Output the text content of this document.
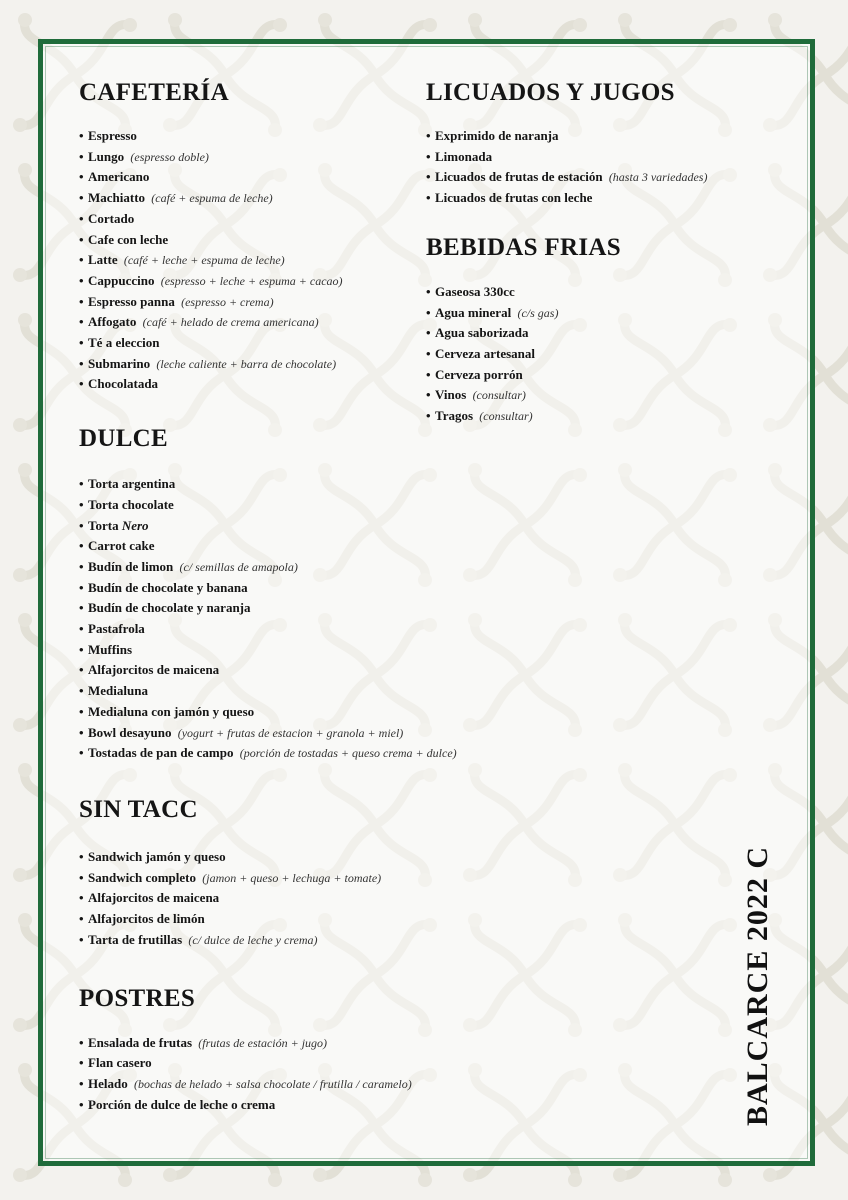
CAFETERÍA
• Espresso
• Lungo (espresso doble)
• Americano
• Machiatto (café + espuma de leche)
• Cortado
• Cafe con leche
• Latte (café + leche + espuma de leche)
• Cappuccino (espresso + leche + espuma + cacao)
• Espresso panna (espresso + crema)
• Affogato (café + helado de crema americana)
• Té a eleccion
• Submarino (leche caliente + barra de chocolate)
• Chocolatada
DULCE
• Torta argentina
• Torta chocolate
• Torta Nero
• Carrot cake
• Budín de limon (c/ semillas de amapola)
• Budín de chocolate y banana
• Budín de chocolate y naranja
• Pastafrola
• Muffins
• Alfajorcitos de maicena
• Medialuna
• Medialuna con jamón y queso
• Bowl desayuno (yogurt + frutas de estacion + granola + miel)
• Tostadas de pan de campo (porción de tostadas + queso crema + dulce)
SIN TACC
• Sandwich jamón y queso
• Sandwich completo (jamon + queso + lechuga + tomate)
• Alfajorcitos de maicena
• Alfajorcitos de limón
• Tarta de frutillas (c/ dulce de leche y crema)
POSTRES
• Ensalada de frutas (frutas de estación + jugo)
• Flan casero
• Helado (bochas de helado + salsa chocolate / frutilla / caramelo)
• Porción de dulce de leche o crema
LICUADOS Y JUGOS
• Exprimido de naranja
• Limonada
• Licuados de frutas de estación (hasta 3 variedades)
• Licuados de frutas con leche
BEBIDAS FRIAS
• Gaseosa 330cc
• Agua mineral (c/s gas)
• Agua saborizada
• Cerveza artesanal
• Cerveza porrón
• Vinos (consultar)
• Tragos (consultar)
BALCARCE 2022 C
